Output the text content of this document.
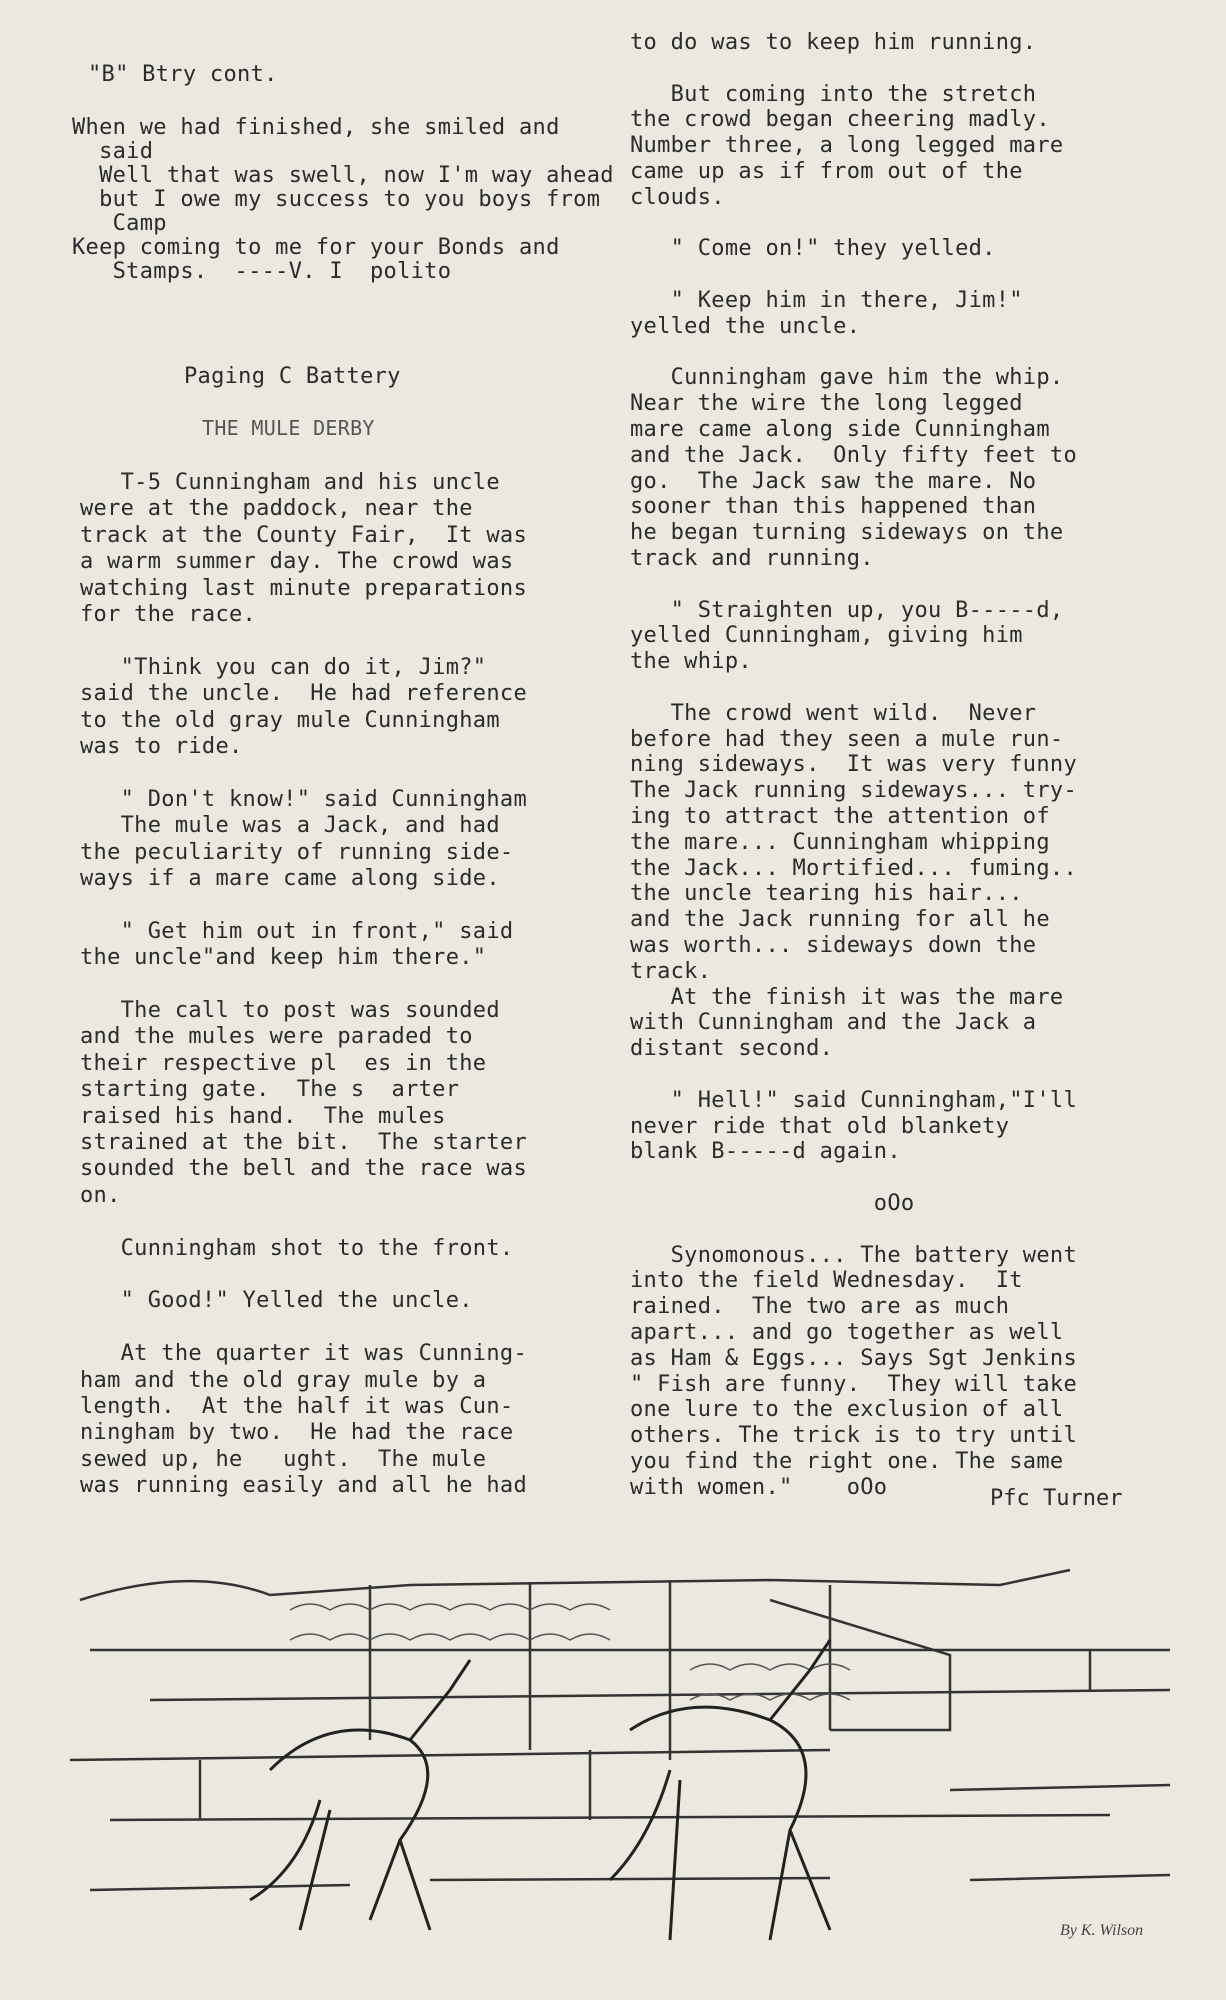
"B" Btry cont.
When we had finished, she smiled and
said
Well that was swell, now I'm way ahead
but I owe my success to you boys from
Camp
Keep coming to me for your Bonds and
Stamps.  ----V. I  polito
Paging C Battery
THE MULE DERBY
T-5 Cunningham and his uncle
were at the paddock, near the
track at the County Fair,  It was
a warm summer day. The crowd was
watching last minute preparations
for the race.
"Think you can do it, Jim?"
said the uncle.  He had reference
to the old gray mule Cunningham
was to ride.
" Don't know!" said Cunningham
The mule was a Jack, and had
the peculiarity of running side-
ways if a mare came along side.
" Get him out in front," said
the uncle"and keep him there."
The call to post was sounded
and the mules were paraded to
their respective pl  es in the
starting gate.  The s  arter
raised his hand.  The mules
strained at the bit.  The starter
sounded the bell and the race was
on.
Cunningham shot to the front.
" Good!" Yelled the uncle.
At the quarter it was Cunning-
ham and the old gray mule by a
length.  At the half it was Cun-
ningham by two.  He had the race
sewed up, he   ught.  The mule
was running easily and all he had
to do was to keep him running.
But coming into the stretch
the crowd began cheering madly.
Number three, a long legged mare
came up as if from out of the
clouds.
" Come on!" they yelled.
" Keep him in there, Jim!"
yelled the uncle.
Cunningham gave him the whip.
Near the wire the long legged
mare came along side Cunningham
and the Jack.  Only fifty feet to
go.  The Jack saw the mare. No
sooner than this happened than
he began turning sideways on the
track and running.
" Straighten up, you B-----d,
yelled Cunningham, giving him
the whip.
The crowd went wild.  Never
before had they seen a mule run-
ning sideways.  It was very funny
The Jack running sideways... try-
ing to attract the attention of
the mare... Cunningham whipping
the Jack... Mortified... fuming..
the uncle tearing his hair...
and the Jack running for all he
was worth... sideways down the
track.
At the finish it was the mare
with Cunningham and the Jack a
distant second.
" Hell!" said Cunningham,"I'll
never ride that old blankety
blank B-----d again.
oOo
Synomonous... The battery went
into the field Wednesday.  It
rained.  The two are as much
apart... and go together as well
as Ham & Eggs... Says Sgt Jenkins
" Fish are funny.  They will take
one lure to the exclusion of all
others. The trick is to try until
you find the right one. The same
with women."    oOo	Pfc Turner
By K. Wilson
